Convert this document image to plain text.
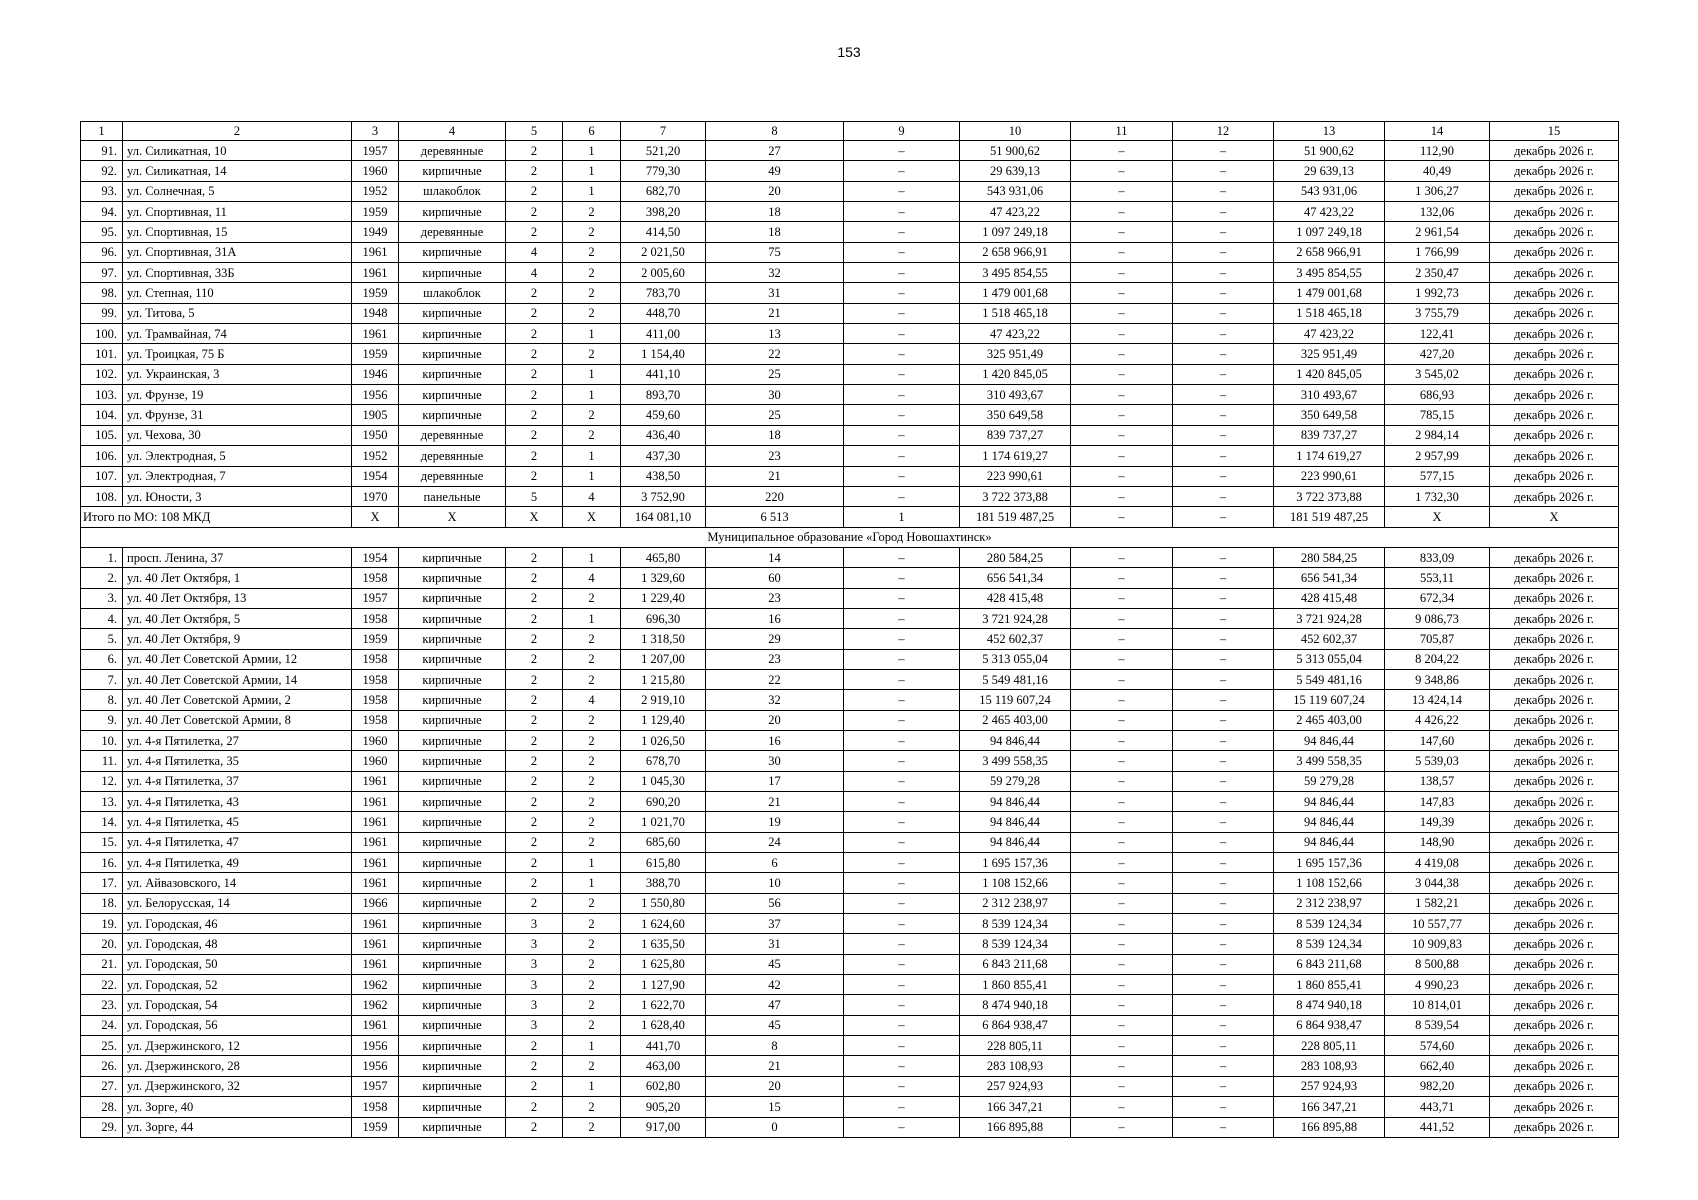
153
1	2	3	4	5	6	7	8	9	10	11	12	13	14	15
91.	ул. Силикатная, 10	1957	деревянные	2	1	521,20	27	–	51 900,62	–	–	51 900,62	112,90	декабрь 2026 г.
92.	ул. Силикатная, 14	1960	кирпичные	2	1	779,30	49	–	29 639,13	–	–	29 639,13	40,49	декабрь 2026 г.
93.	ул. Солнечная, 5	1952	шлакоблок	2	1	682,70	20	–	543 931,06	–	–	543 931,06	1 306,27	декабрь 2026 г.
94.	ул. Спортивная, 11	1959	кирпичные	2	2	398,20	18	–	47 423,22	–	–	47 423,22	132,06	декабрь 2026 г.
95.	ул. Спортивная, 15	1949	деревянные	2	2	414,50	18	–	1 097 249,18	–	–	1 097 249,18	2 961,54	декабрь 2026 г.
96.	ул. Спортивная, 31А	1961	кирпичные	4	2	2 021,50	75	–	2 658 966,91	–	–	2 658 966,91	1 766,99	декабрь 2026 г.
97.	ул. Спортивная, 33Б	1961	кирпичные	4	2	2 005,60	32	–	3 495 854,55	–	–	3 495 854,55	2 350,47	декабрь 2026 г.
98.	ул. Степная, 110	1959	шлакоблок	2	2	783,70	31	–	1 479 001,68	–	–	1 479 001,68	1 992,73	декабрь 2026 г.
99.	ул. Титова, 5	1948	кирпичные	2	2	448,70	21	–	1 518 465,18	–	–	1 518 465,18	3 755,79	декабрь 2026 г.
100.	ул. Трамвайная, 74	1961	кирпичные	2	1	411,00	13	–	47 423,22	–	–	47 423,22	122,41	декабрь 2026 г.
101.	ул. Троицкая, 75 Б	1959	кирпичные	2	2	1 154,40	22	–	325 951,49	–	–	325 951,49	427,20	декабрь 2026 г.
102.	ул. Украинская, 3	1946	кирпичные	2	1	441,10	25	–	1 420 845,05	–	–	1 420 845,05	3 545,02	декабрь 2026 г.
103.	ул. Фрунзе, 19	1956	кирпичные	2	1	893,70	30	–	310 493,67	–	–	310 493,67	686,93	декабрь 2026 г.
104.	ул. Фрунзе, 31	1905	кирпичные	2	2	459,60	25	–	350 649,58	–	–	350 649,58	785,15	декабрь 2026 г.
105.	ул. Чехова, 30	1950	деревянные	2	2	436,40	18	–	839 737,27	–	–	839 737,27	2 984,14	декабрь 2026 г.
106.	ул. Электродная, 5	1952	деревянные	2	1	437,30	23	–	1 174 619,27	–	–	1 174 619,27	2 957,99	декабрь 2026 г.
107.	ул. Электродная, 7	1954	деревянные	2	1	438,50	21	–	223 990,61	–	–	223 990,61	577,15	декабрь 2026 г.
108.	ул. Юности, 3	1970	панельные	5	4	3 752,90	220	–	3 722 373,88	–	–	3 722 373,88	1 732,30	декабрь 2026 г.
Итого по МО: 108 МКД		X	X	X	X	164 081,10	6 513	1	181 519 487,25	–	–	181 519 487,25	X	X
Муниципальное образование «Город Новошахтинск»														
1.	просп. Ленина, 37	1954	кирпичные	2	1	465,80	14	–	280 584,25	–	–	280 584,25	833,09	декабрь 2026 г.
2.	ул. 40 Лет Октября, 1	1958	кирпичные	2	4	1 329,60	60	–	656 541,34	–	–	656 541,34	553,11	декабрь 2026 г.
3.	ул. 40 Лет Октября, 13	1957	кирпичные	2	2	1 229,40	23	–	428 415,48	–	–	428 415,48	672,34	декабрь 2026 г.
4.	ул. 40 Лет Октября, 5	1958	кирпичные	2	1	696,30	16	–	3 721 924,28	–	–	3 721 924,28	9 086,73	декабрь 2026 г.
5.	ул. 40 Лет Октября, 9	1959	кирпичные	2	2	1 318,50	29	–	452 602,37	–	–	452 602,37	705,87	декабрь 2026 г.
6.	ул. 40 Лет Советской Армии, 12	1958	кирпичные	2	2	1 207,00	23	–	5 313 055,04	–	–	5 313 055,04	8 204,22	декабрь 2026 г.
7.	ул. 40 Лет Советской Армии, 14	1958	кирпичные	2	2	1 215,80	22	–	5 549 481,16	–	–	5 549 481,16	9 348,86	декабрь 2026 г.
8.	ул. 40 Лет Советской Армии, 2	1958	кирпичные	2	4	2 919,10	32	–	15 119 607,24	–	–	15 119 607,24	13 424,14	декабрь 2026 г.
9.	ул. 40 Лет Советской Армии, 8	1958	кирпичные	2	2	1 129,40	20	–	2 465 403,00	–	–	2 465 403,00	4 426,22	декабрь 2026 г.
10.	ул. 4-я Пятилетка, 27	1960	кирпичные	2	2	1 026,50	16	–	94 846,44	–	–	94 846,44	147,60	декабрь 2026 г.
11.	ул. 4-я Пятилетка, 35	1960	кирпичные	2	2	678,70	30	–	3 499 558,35	–	–	3 499 558,35	5 539,03	декабрь 2026 г.
12.	ул. 4-я Пятилетка, 37	1961	кирпичные	2	2	1 045,30	17	–	59 279,28	–	–	59 279,28	138,57	декабрь 2026 г.
13.	ул. 4-я Пятилетка, 43	1961	кирпичные	2	2	690,20	21	–	94 846,44	–	–	94 846,44	147,83	декабрь 2026 г.
14.	ул. 4-я Пятилетка, 45	1961	кирпичные	2	2	1 021,70	19	–	94 846,44	–	–	94 846,44	149,39	декабрь 2026 г.
15.	ул. 4-я Пятилетка, 47	1961	кирпичные	2	2	685,60	24	–	94 846,44	–	–	94 846,44	148,90	декабрь 2026 г.
16.	ул. 4-я Пятилетка, 49	1961	кирпичные	2	1	615,80	6	–	1 695 157,36	–	–	1 695 157,36	4 419,08	декабрь 2026 г.
17.	ул. Айвазовского, 14	1961	кирпичные	2	1	388,70	10	–	1 108 152,66	–	–	1 108 152,66	3 044,38	декабрь 2026 г.
18.	ул. Белорусская, 14	1966	кирпичные	2	2	1 550,80	56	–	2 312 238,97	–	–	2 312 238,97	1 582,21	декабрь 2026 г.
19.	ул. Городская, 46	1961	кирпичные	3	2	1 624,60	37	–	8 539 124,34	–	–	8 539 124,34	10 557,77	декабрь 2026 г.
20.	ул. Городская, 48	1961	кирпичные	3	2	1 635,50	31	–	8 539 124,34	–	–	8 539 124,34	10 909,83	декабрь 2026 г.
21.	ул. Городская, 50	1961	кирпичные	3	2	1 625,80	45	–	6 843 211,68	–	–	6 843 211,68	8 500,88	декабрь 2026 г.
22.	ул. Городская, 52	1962	кирпичные	3	2	1 127,90	42	–	1 860 855,41	–	–	1 860 855,41	4 990,23	декабрь 2026 г.
23.	ул. Городская, 54	1962	кирпичные	3	2	1 622,70	47	–	8 474 940,18	–	–	8 474 940,18	10 814,01	декабрь 2026 г.
24.	ул. Городская, 56	1961	кирпичные	3	2	1 628,40	45	–	6 864 938,47	–	–	6 864 938,47	8 539,54	декабрь 2026 г.
25.	ул. Дзержинского, 12	1956	кирпичные	2	1	441,70	8	–	228 805,11	–	–	228 805,11	574,60	декабрь 2026 г.
26.	ул. Дзержинского, 28	1956	кирпичные	2	2	463,00	21	–	283 108,93	–	–	283 108,93	662,40	декабрь 2026 г.
27.	ул. Дзержинского, 32	1957	кирпичные	2	1	602,80	20	–	257 924,93	–	–	257 924,93	982,20	декабрь 2026 г.
28.	ул. Зорге, 40	1958	кирпичные	2	2	905,20	15	–	166 347,21	–	–	166 347,21	443,71	декабрь 2026 г.
29.	ул. Зорге, 44	1959	кирпичные	2	2	917,00	0	–	166 895,88	–	–	166 895,88	441,52	декабрь 2026 г.
